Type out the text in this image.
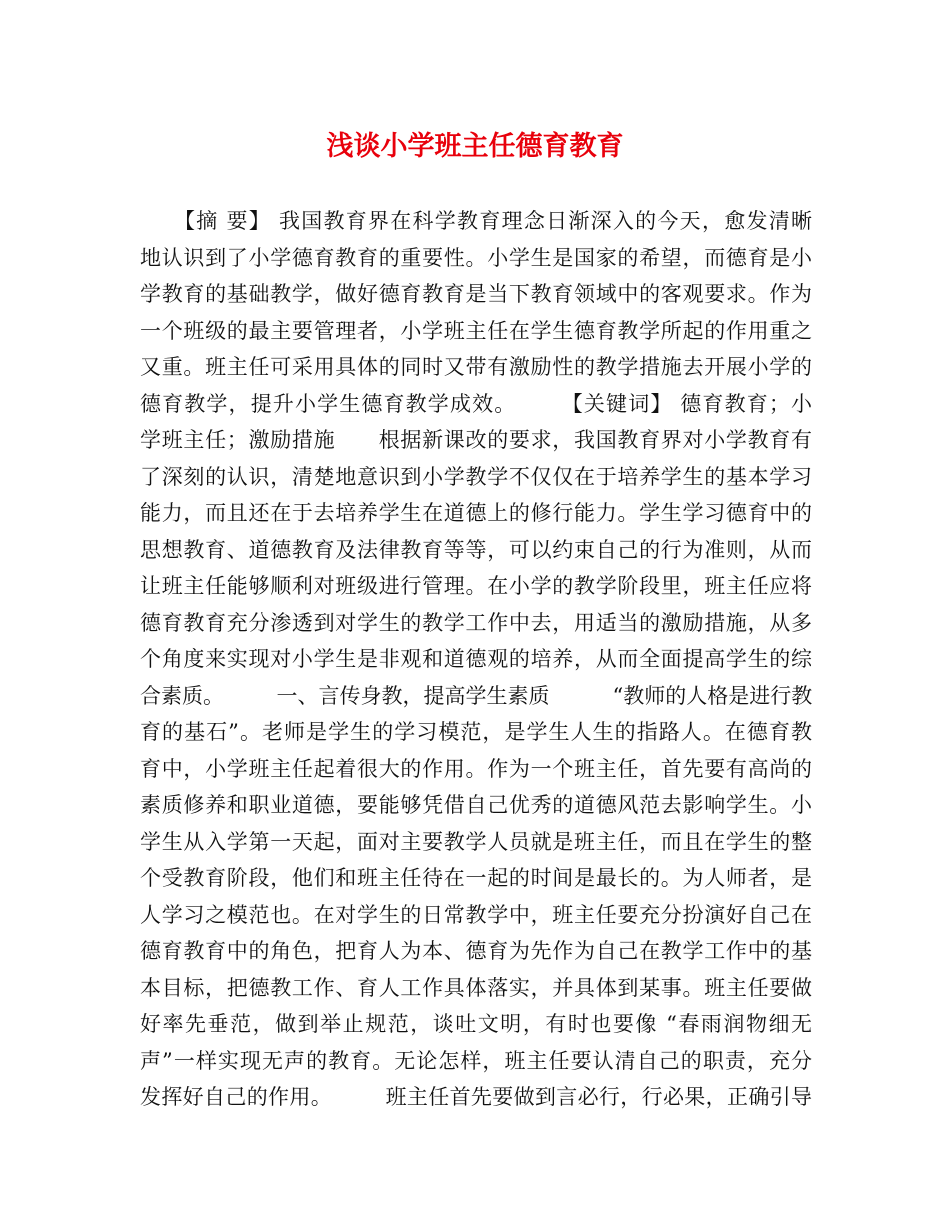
浅谈小学班主任德育教育
　　【摘 要】 我国教育界在科学教育理念日渐深入的今天，愈发清晰
地认识到了小学德育教育的重要性。小学生是国家的希望，而德育是小
学教育的基础教学，做好德育教育是当下教育领域中的客观要求。作为
一个班级的最主要管理者，小学班主任在学生德育教学所起的作用重之
又重。班主任可采用具体的同时又带有激励性的教学措施去开展小学的
德育教学，提升小学生德育教学成效。　　　【关键词】 德育教育；小
学班主任；激励措施　　根据新课改的要求，我国教育界对小学教育有
了深刻的认识，清楚地意识到小学教学不仅仅在于培养学生的基本学习
能力，而且还在于去培养学生在道德上的修行能力。学生学习德育中的
思想教育、道德教育及法律教育等等，可以约束自己的行为准则，从而
让班主任能够顺利对班级进行管理。在小学的教学阶段里，班主任应将
德育教育充分渗透到对学生的教学工作中去，用适当的激励措施，从多
个角度来实现对小学生是非观和道德观的培养，从而全面提高学生的综
合素质。　　　一、言传身教，提高学生素质　　　“教师的人格是进行教
育的基石”。老师是学生的学习模范，是学生人生的指路人。在德育教
育中，小学班主任起着很大的作用。作为一个班主任，首先要有高尚的
素质修养和职业道德，要能够凭借自己优秀的道德风范去影响学生。小
学生从入学第一天起，面对主要教学人员就是班主任，而且在学生的整
个受教育阶段，他们和班主任待在一起的时间是最长的。为人师者，是
人学习之模范也。在对学生的日常教学中，班主任要充分扮演好自己在
德育教育中的角色，把育人为本、德育为先作为自己在教学工作中的基
本目标，把德教工作、育人工作具体落实，并具体到某事。班主任要做
好率先垂范，做到举止规范，谈吐文明，有时也要像 “春雨润物细无
声”一样实现无声的教育。无论怎样，班主任要认清自己的职责，充分
发挥好自己的作用。　　　班主任首先要做到言必行，行必果，正确引导
